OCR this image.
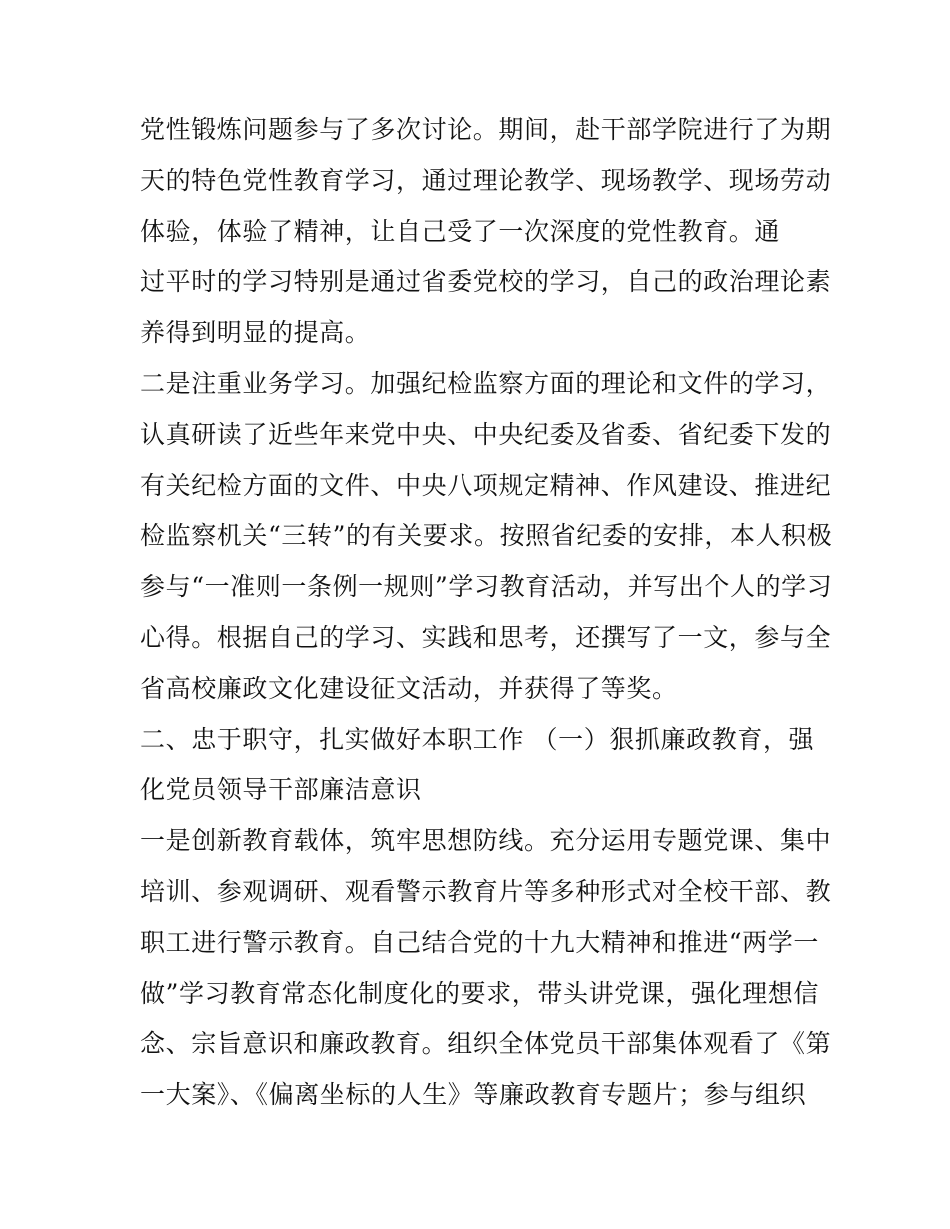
党性锻炼问题参与了多次讨论。期间，赴干部学院进行了为期
天的特色党性教育学习，通过理论教学、现场教学、现场劳动
体验，体验了精神，让自己受了一次深度的党性教育。通
过平时的学习特别是通过省委党校的学习，自己的政治理论素
养得到明显的提高。
二是注重业务学习。加强纪检监察方面的理论和文件的学习，
认真研读了近些年来党中央、中央纪委及省委、省纪委下发的
有关纪检方面的文件、中央八项规定精神、作风建设、推进纪
检监察机关“三转”的有关要求。按照省纪委的安排，本人积极
参与“一准则一条例一规则”学习教育活动，并写出个人的学习
心得。根据自己的学习、实践和思考，还撰写了一文，参与全
省高校廉政文化建设征文活动，并获得了等奖。
二、忠于职守，扎实做好本职工作 （一）狠抓廉政教育，强
化党员领导干部廉洁意识
一是创新教育载体，筑牢思想防线。充分运用专题党课、集中
培训、参观调研、观看警示教育片等多种形式对全校干部、教
职工进行警示教育。自己结合党的十九大精神和推进“两学一
做”学习教育常态化制度化的要求，带头讲党课，强化理想信
念、宗旨意识和廉政教育。组织全体党员干部集体观看了《第
一大案》、《偏离坐标的人生》等廉政教育专题片；参与组织
